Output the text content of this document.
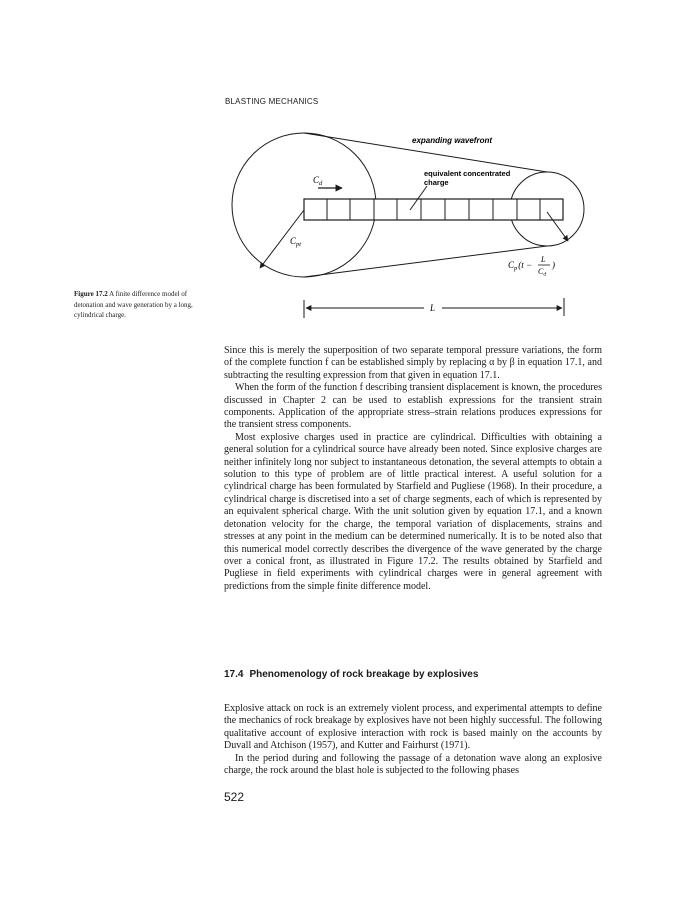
BLASTING MECHANICS
expanding wavefront
equivalent concentrated
charge
$C_d$
$C_{pt}$
$C_p(t$ −
L
Cd
)
L
Figure 17.2 A finite difference model of detonation and wave generation by a long, cylindrical charge.

Since this is merely the superposition of two separate temporal pressure variations, the form of the complete function f can be established simply by replacing α by β in equation 17.1, and subtracting the resulting expression from that given in equation 17.1.

When the form of the function f describing transient displacement is known, the procedures discussed in Chapter 2 can be used to establish expressions for the transient strain components. Application of the appropriate stress–strain relations produces expressions for the transient stress components.

Most explosive charges used in practice are cylindrical. Difficulties with obtaining a general solution for a cylindrical source have already been noted. Since explosive charges are neither infinitely long nor subject to instantaneous detonation, the several attempts to obtain a solution to this type of problem are of little practical interest. A useful solution for a cylindrical charge has been formulated by Starfield and Pugliese (1968). In their procedure, a cylindrical charge is discretised into a set of charge segments, each of which is represented by an equivalent spherical charge. With the unit solution given by equation 17.1, and a known detonation velocity for the charge, the temporal variation of displacements, strains and stresses at any point in the medium can be determined numerically. It is to be noted also that this numerical model correctly describes the divergence of the wave generated by the charge over a conical front, as illustrated in Figure 17.2. The results obtained by Starfield and Pugliese in field experiments with cylindrical charges were in general agreement with predictions from the simple finite difference model.

17.4 Phenomenology of rock breakage by explosives

Explosive attack on rock is an extremely violent process, and experimental attempts to define the mechanics of rock breakage by explosives have not been highly successful. The following qualitative account of explosive interaction with rock is based mainly on the accounts by Duvall and Atchison (1957), and Kutter and Fairhurst (1971).

In the period during and following the passage of a detonation wave along an explosive charge, the rock around the blast hole is subjected to the following phases

522
